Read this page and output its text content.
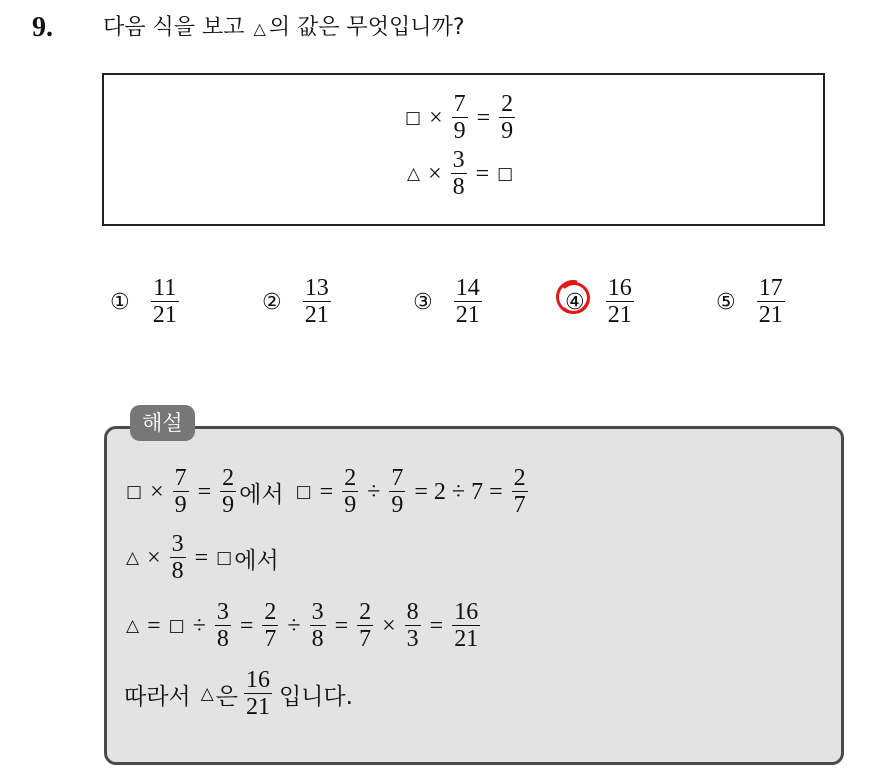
9. 다음 식을 보고 △ 의 값은 무엇입니까?
□ × $\frac{7}{9} = \frac{2}{9}$
△ × $\frac{3}{8}$ = □
① $\frac{11}{21}$	② $\frac{13}{21}$	③ $\frac{14}{21}$	④ $\frac{16}{21}$	⑤ $\frac{17}{21}$
해설
□ × $\frac{7}{9} = \frac{2}{9}$ 에서 □ = $\frac{2}{9} \div \frac{7}{9} = 2 \div 7 = \frac{2}{7}$
△ × $\frac{3}{8}$ = □ 에서
△ = □ ÷ $\frac{3}{8} = \frac{2}{7} \div \frac{3}{8} = \frac{2}{7} \times \frac{8}{3} = \frac{16}{21}$
따라서 △ 은 $\frac{16}{21}$ 입니다.
